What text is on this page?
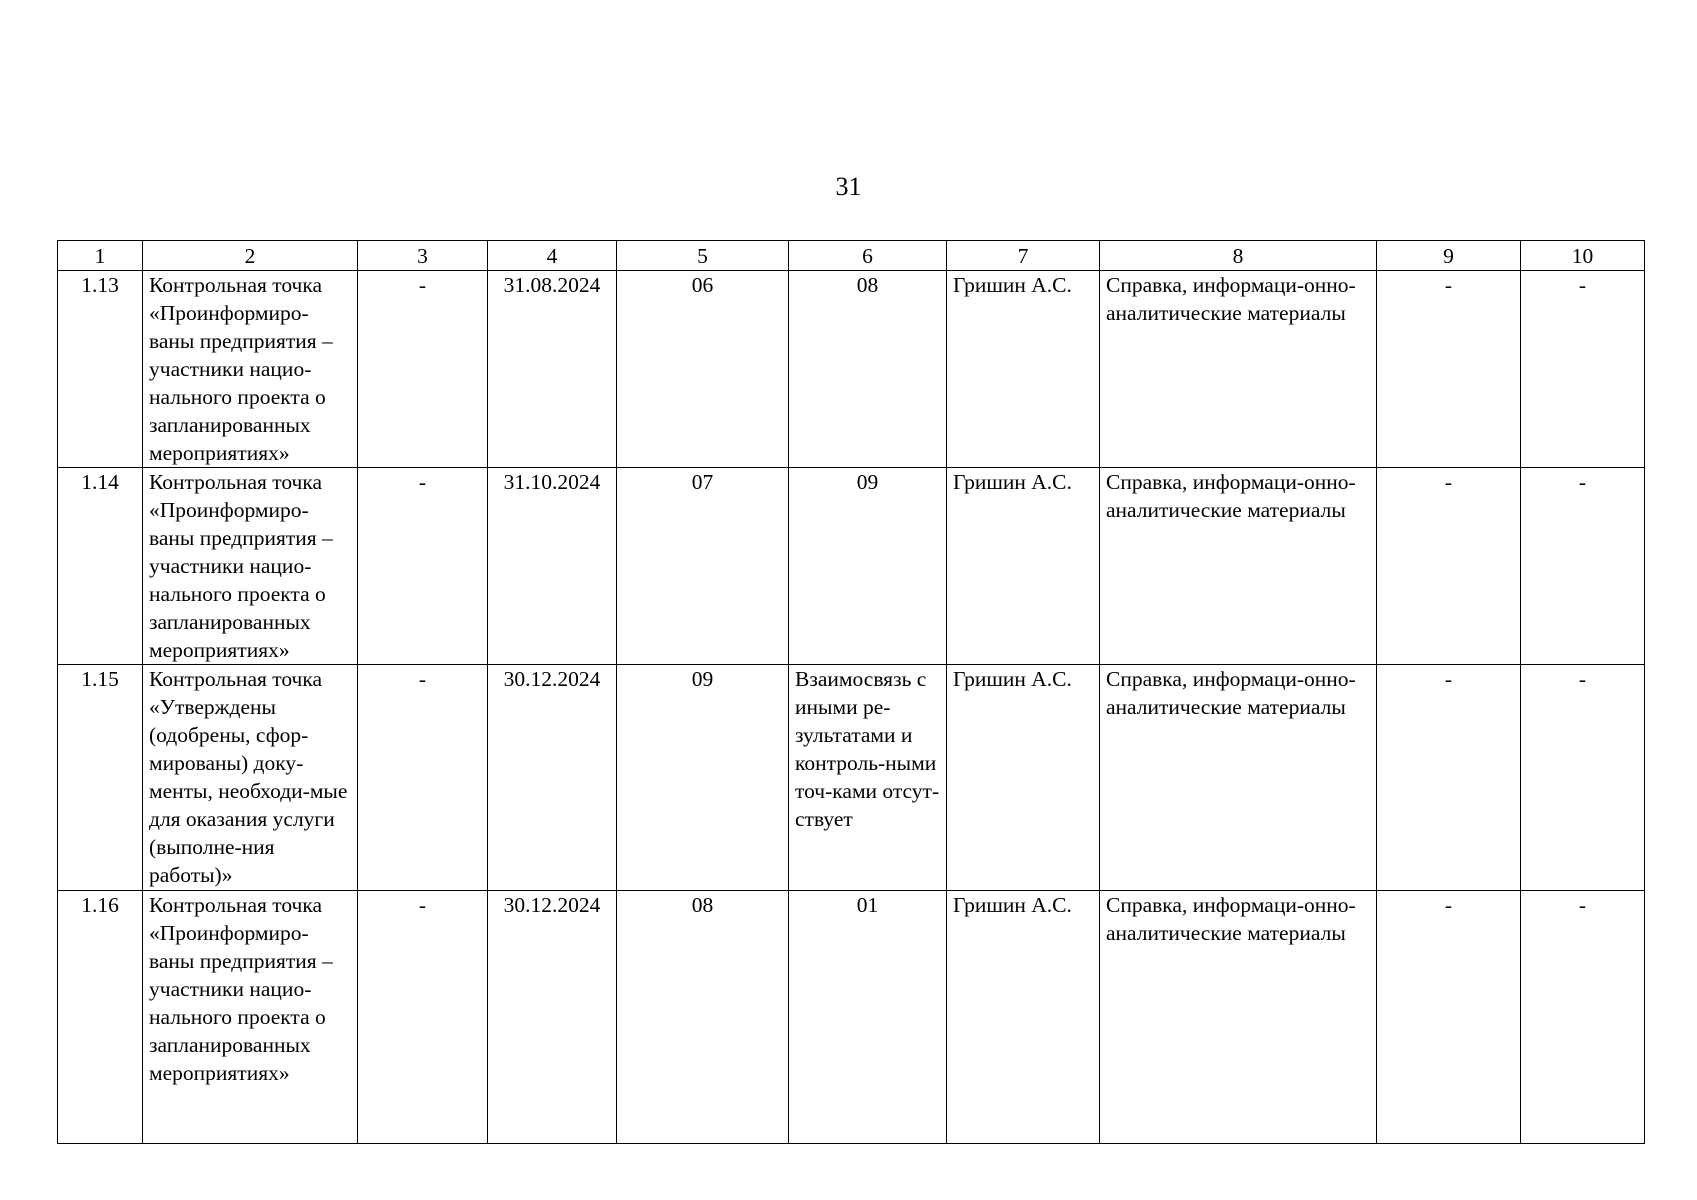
31
1	2	3	4	5	6	7	8	9	10
1.13	Контрольная точка «Проинформиро-ваны предприятия – участники нацио-нального проекта о запланированных мероприятиях»	-	31.08.2024	06	08	Гришин А.С.	Справка, информаци-онно-аналитические материалы	-	-
1.14	Контрольная точка «Проинформиро-ваны предприятия – участники нацио-нального проекта о запланированных мероприятиях»	-	31.10.2024	07	09	Гришин А.С.	Справка, информаци-онно-аналитические материалы	-	-
1.15	Контрольная точка «Утверждены (одобрены, сфор-мированы) доку-менты, необходи-мые для оказания услуги (выполне-ния работы)»	-	30.12.2024	09	Взаимосвязь с иными ре-зультатами и контроль-ными точ-ками отсут-ствует	Гришин А.С.	Справка, информаци-онно-аналитические материалы	-	-
1.16	Контрольная точка «Проинформиро-ваны предприятия – участники нацио-нального проекта о запланированных мероприятиях»	-	30.12.2024	08	01	Гришин А.С.	Справка, информаци-онно-аналитические материалы	-	-
